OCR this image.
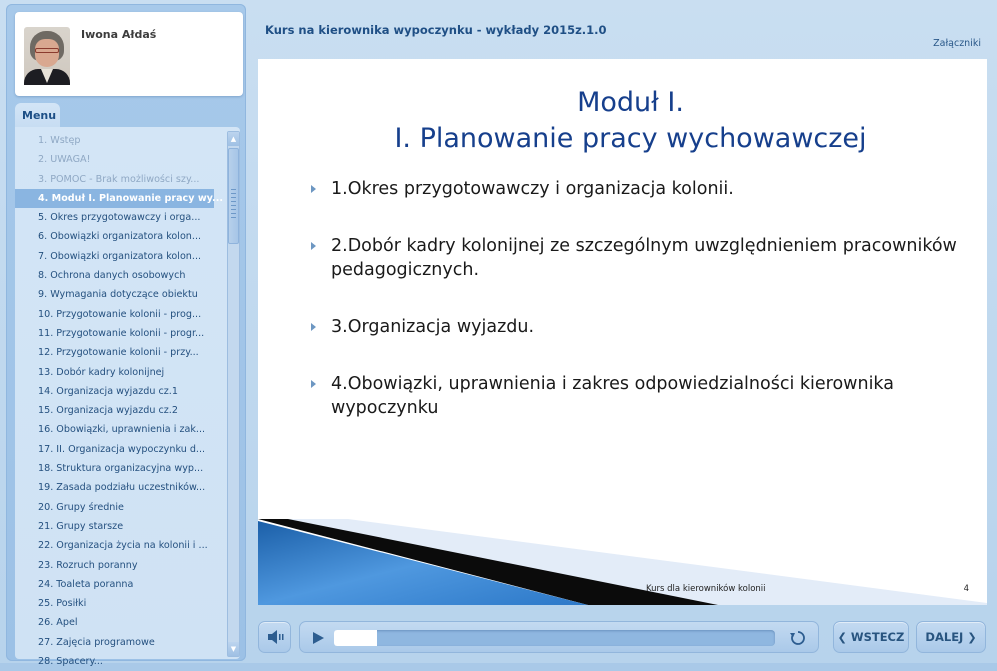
Iwona Ałdaś
Menu
1. Wstęp
2. UWAGA!
3. POMOC - Brak możliwości szy...
4. Moduł I. Planowanie pracy wy...
5. Okres przygotowawczy i orga...
6. Obowiązki organizatora kolon...
7. Obowiązki organizatora kolon...
8. Ochrona danych osobowych
9. Wymagania dotyczące obiektu
10. Przygotowanie kolonii - prog...
11. Przygotowanie kolonii - progr...
12. Przygotowanie kolonii - przy...
13. Dobór kadry kolonijnej
14. Organizacja wyjazdu cz.1
15. Organizacja wyjazdu cz.2
16. Obowiązki, uprawnienia i zak...
17. II. Organizacja wypoczynku d...
18. Struktura organizacyjna wyp...
19. Zasada podziału uczestników...
20. Grupy średnie
21. Grupy starsze
22. Organizacja życia na kolonii i ...
23. Rozruch poranny
24. Toaleta poranna
25. Posiłki
26. Apel
27. Zajęcia programowe
28. Spacery...
▲
▼
Kurs na kierownika wypoczynku - wykłady 2015z.1.0
Załączniki
Moduł I.
I. Planowanie pracy wychowawczej
1.Okres przygotowawczy i organizacja kolonii.
2.Dobór kadry kolonijnej ze szczególnym uwzględnieniem pracowników pedagogicznych.
3.Organizacja wyjazdu.
4.Obowiązki, uprawnienia i zakres odpowiedzialności kierownika wypoczynku
Kurs dla kierowników kolonii	4
❮ WSTECZ	DALEJ ❯
